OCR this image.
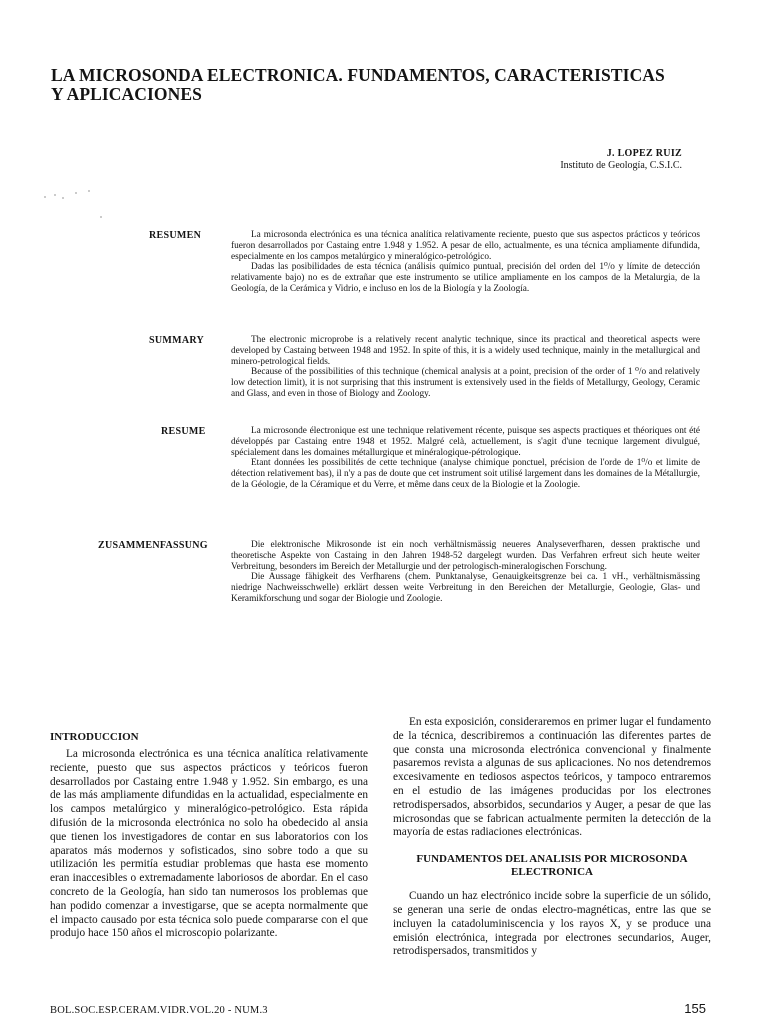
LA MICROSONDA ELECTRONICA. FUNDAMENTOS, CARACTERISTICAS
Y APLICACIONES
J. LOPEZ RUIZ
Instituto de Geología, C.S.I.C.
RESUMEN	La microsonda electrónica es una técnica analítica relativamente reciente, puesto que sus aspectos prácticos y teóricos fueron desarrollados por Castaing entre 1.948 y 1.952. A pesar de ello, actualmente, es una técnica ampliamente difundida, especialmente en los campos metalúrgico y mineralógico-petrológico.

Dadas las posibilidades de esta técnica (análisis químico puntual, precisión del orden del 1⁰/o y límite de detección relativamente bajo) no es de extrañar que este instrumento se utilice ampliamente en los campos de la Metalurgia, de la Geología, de la Cerámica y Vidrio, e incluso en los de la Biología y la Zoología.

SUMMARY	The electronic microprobe is a relatively recent analytic technique, since its practical and theoretical aspects were developed by Castaing between 1948 and 1952. In spite of this, it is a widely used technique, mainly in the metallurgical and minero-petrological fields.

Because of the possibilities of this technique (chemical analysis at a point, precision of the order of 1 ⁰/o and relatively low detection limit), it is not surprising that this instrument is extensively used in the fields of Metallurgy, Geology, Ceramic and Glass, and even in those of Biology and Zoology.

RESUME	La microsonde électronique est une technique relativement récente, puisque ses aspects practiques et théoriques ont été développés par Castaing entre 1948 et 1952. Malgré celà, actuellement, is s'agit d'une tecnique largement divulgué, spécialement dans les domaines métallurgique et minéralogique-pétrologique.

Etant données les possibilités de cette technique (analyse chimique ponctuel, précision de l'orde de 1⁰/o et limite de détection relativement bas), il n'y a pas de doute que cet instrument soit utilisé largement dans les domaines de la Métallurgie, de la Géologie, de la Céramique et du Verre, et même dans ceux de la Biologie et la Zoologie.

ZUSAMMENFASSUNG	Die elektronische Mikrosonde ist ein noch verhältnismässig neueres Analyseverfharen, dessen praktische und theoretische Aspekte von Castaing in den Jahren 1948-52 dargelegt wurden. Das Verfahren erfreut sich heute weiter Verbreitung, besonders im Bereich der Metallurgie und der petrologisch-mineralogischen Forschung.

Die Aussage fähigkeit des Verfharens (chem. Punktanalyse, Genauigkeitsgrenze bei ca. 1 vH., verhältnismässing niedrige Nachweisschwelle) erklärt dessen weite Verbreitung in den Bereichen der Metallurgie, Geologie, Glas- und Keramikforschung und sogar der Biologie und Zoologie.

INTRODUCCION

La microsonda electrónica es una técnica analítica relativamente reciente, puesto que sus aspectos prácticos y teóricos fueron desarrollados por Castaing entre 1.948 y 1.952. Sin embargo, es una de las más ampliamente difundidas en la actualidad, especialmente en los campos metalúrgico y mineralógico-petrológico. Esta rápida difusión de la microsonda electrónica no solo ha obedecido al ansia que tienen los investigadores de contar en sus laboratorios con los aparatos más modernos y sofisticados, sino sobre todo a que su utilización les permitía estudiar problemas que hasta ese momento eran inaccesibles o extremadamente laboriosos de abordar. En el caso concreto de la Geología, han sido tan numerosos los problemas que han podido comenzar a investigarse, que se acepta normalmente que el impacto causado por esta técnica solo puede compararse con el que produjo hace 150 años el microscopio polarizante.

En esta exposición, consideraremos en primer lugar el fundamento de la técnica, describiremos a continuación las diferentes partes de que consta una microsonda electrónica convencional y finalmente pasaremos revista a algunas de sus aplicaciones. No nos detendremos excesivamente en tediosos aspectos teóricos, y tampoco entraremos en el estudio de las imágenes producidas por los electrones retrodispersados, absorbidos, secundarios y Auger, a pesar de que las microsondas que se fabrican actualmente permiten la detección de la mayoría de estas radiaciones electrónicas.

FUNDAMENTOS DEL ANALISIS POR MICROSONDA
ELECTRONICA

Cuando un haz electrónico incide sobre la superficie de un sólido, se generan una serie de ondas electro-magnéticas, entre las que se incluyen la catadoluminiscencia y los rayos X, y se produce una emisión electrónica, integrada por electrones secundarios, Auger, retrodispersados, transmitidos y

BOL.SOC.ESP.CERAM.VIDR.VOL.20 - NUM.3	155
